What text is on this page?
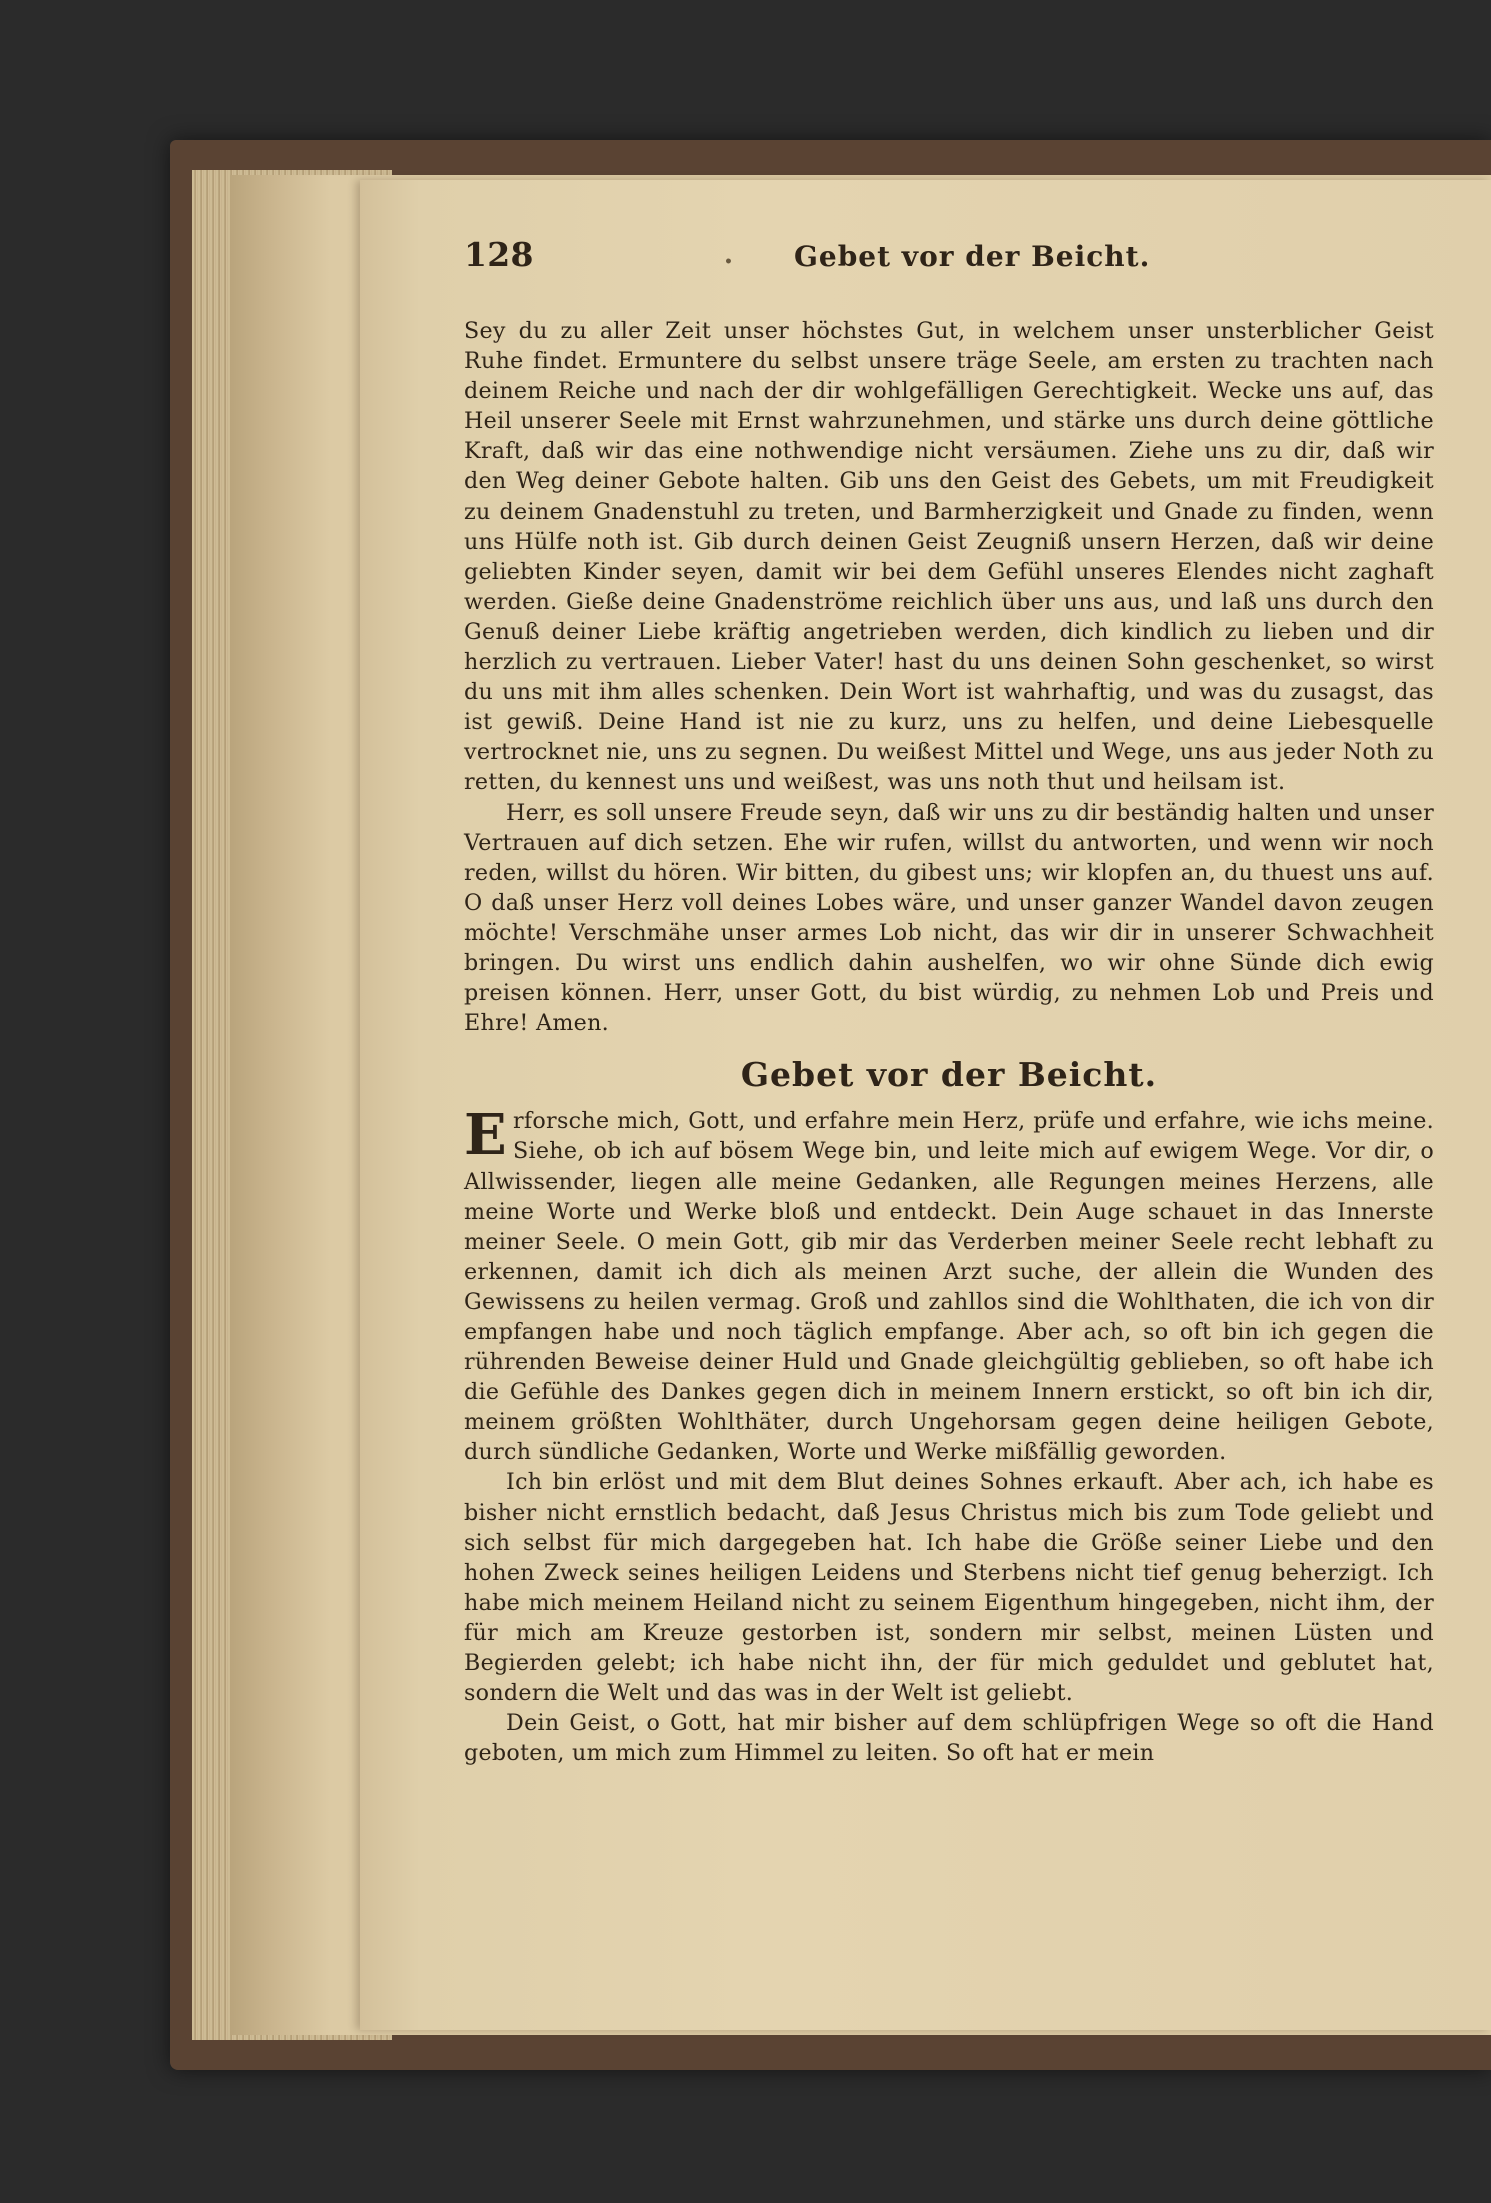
128	•	Gebet vor der Beicht.

Sey du zu aller Zeit unser höchstes Gut, in welchem unser unsterblicher Geist Ruhe findet. Ermuntere du selbst unsere träge Seele, am ersten zu trachten nach deinem Reiche und nach der dir wohlgefälligen Gerechtigkeit. Wecke uns auf, das Heil unserer Seele mit Ernst wahrzunehmen, und stärke uns durch deine göttliche Kraft, daß wir das eine nothwendige nicht versäumen. Ziehe uns zu dir, daß wir den Weg deiner Gebote halten. Gib uns den Geist des Gebets, um mit Freudigkeit zu deinem Gnadenstuhl zu treten, und Barmherzigkeit und Gnade zu finden, wenn uns Hülfe noth ist. Gib durch deinen Geist Zeugniß unsern Herzen, daß wir deine geliebten Kinder seyen, damit wir bei dem Gefühl unseres Elendes nicht zaghaft werden. Gieße deine Gnadenströme reichlich über uns aus, und laß uns durch den Genuß deiner Liebe kräftig angetrieben werden, dich kindlich zu lieben und dir herzlich zu vertrauen. Lieber Vater! hast du uns deinen Sohn geschenket, so wirst du uns mit ihm alles schenken. Dein Wort ist wahrhaftig, und was du zusagst, das ist gewiß. Deine Hand ist nie zu kurz, uns zu helfen, und deine Liebesquelle vertrocknet nie, uns zu segnen. Du weißest Mittel und Wege, uns aus jeder Noth zu retten, du kennest uns und weißest, was uns noth thut und heilsam ist.

Herr, es soll unsere Freude seyn, daß wir uns zu dir beständig halten und unser Vertrauen auf dich setzen. Ehe wir rufen, willst du antworten, und wenn wir noch reden, willst du hören. Wir bitten, du gibest uns; wir klopfen an, du thuest uns auf. O daß unser Herz voll deines Lobes wäre, und unser ganzer Wandel davon zeugen möchte! Verschmähe unser armes Lob nicht, das wir dir in unserer Schwachheit bringen. Du wirst uns endlich dahin aushelfen, wo wir ohne Sünde dich ewig preisen können. Herr, unser Gott, du bist würdig, zu nehmen Lob und Preis und Ehre! Amen.

Gebet vor der Beicht.

Erforsche mich, Gott, und erfahre mein Herz, prüfe und erfahre, wie ichs meine. Siehe, ob ich auf bösem Wege bin, und leite mich auf ewigem Wege. Vor dir, o Allwissender, liegen alle meine Gedanken, alle Regungen meines Herzens, alle meine Worte und Werke bloß und entdeckt. Dein Auge schauet in das Innerste meiner Seele. O mein Gott, gib mir das Verderben meiner Seele recht lebhaft zu erkennen, damit ich dich als meinen Arzt suche, der allein die Wunden des Gewissens zu heilen vermag. Groß und zahllos sind die Wohlthaten, die ich von dir empfangen habe und noch täglich empfange. Aber ach, so oft bin ich gegen die rührenden Beweise deiner Huld und Gnade gleichgültig geblieben, so oft habe ich die Gefühle des Dankes gegen dich in meinem Innern erstickt, so oft bin ich dir, meinem größten Wohlthäter, durch Ungehorsam gegen deine heiligen Gebote, durch sündliche Gedanken, Worte und Werke mißfällig geworden.

Ich bin erlöst und mit dem Blut deines Sohnes erkauft. Aber ach, ich habe es bisher nicht ernstlich bedacht, daß Jesus Christus mich bis zum Tode geliebt und sich selbst für mich dargegeben hat. Ich habe die Größe seiner Liebe und den hohen Zweck seines heiligen Leidens und Sterbens nicht tief genug beherzigt. Ich habe mich meinem Heiland nicht zu seinem Eigenthum hingegeben, nicht ihm, der für mich am Kreuze gestorben ist, sondern mir selbst, meinen Lüsten und Begierden gelebt; ich habe nicht ihn, der für mich geduldet und geblutet hat, sondern die Welt und das was in der Welt ist geliebt.

Dein Geist, o Gott, hat mir bisher auf dem schlüpfrigen Wege so oft die Hand geboten, um mich zum Himmel zu leiten. So oft hat er mein
